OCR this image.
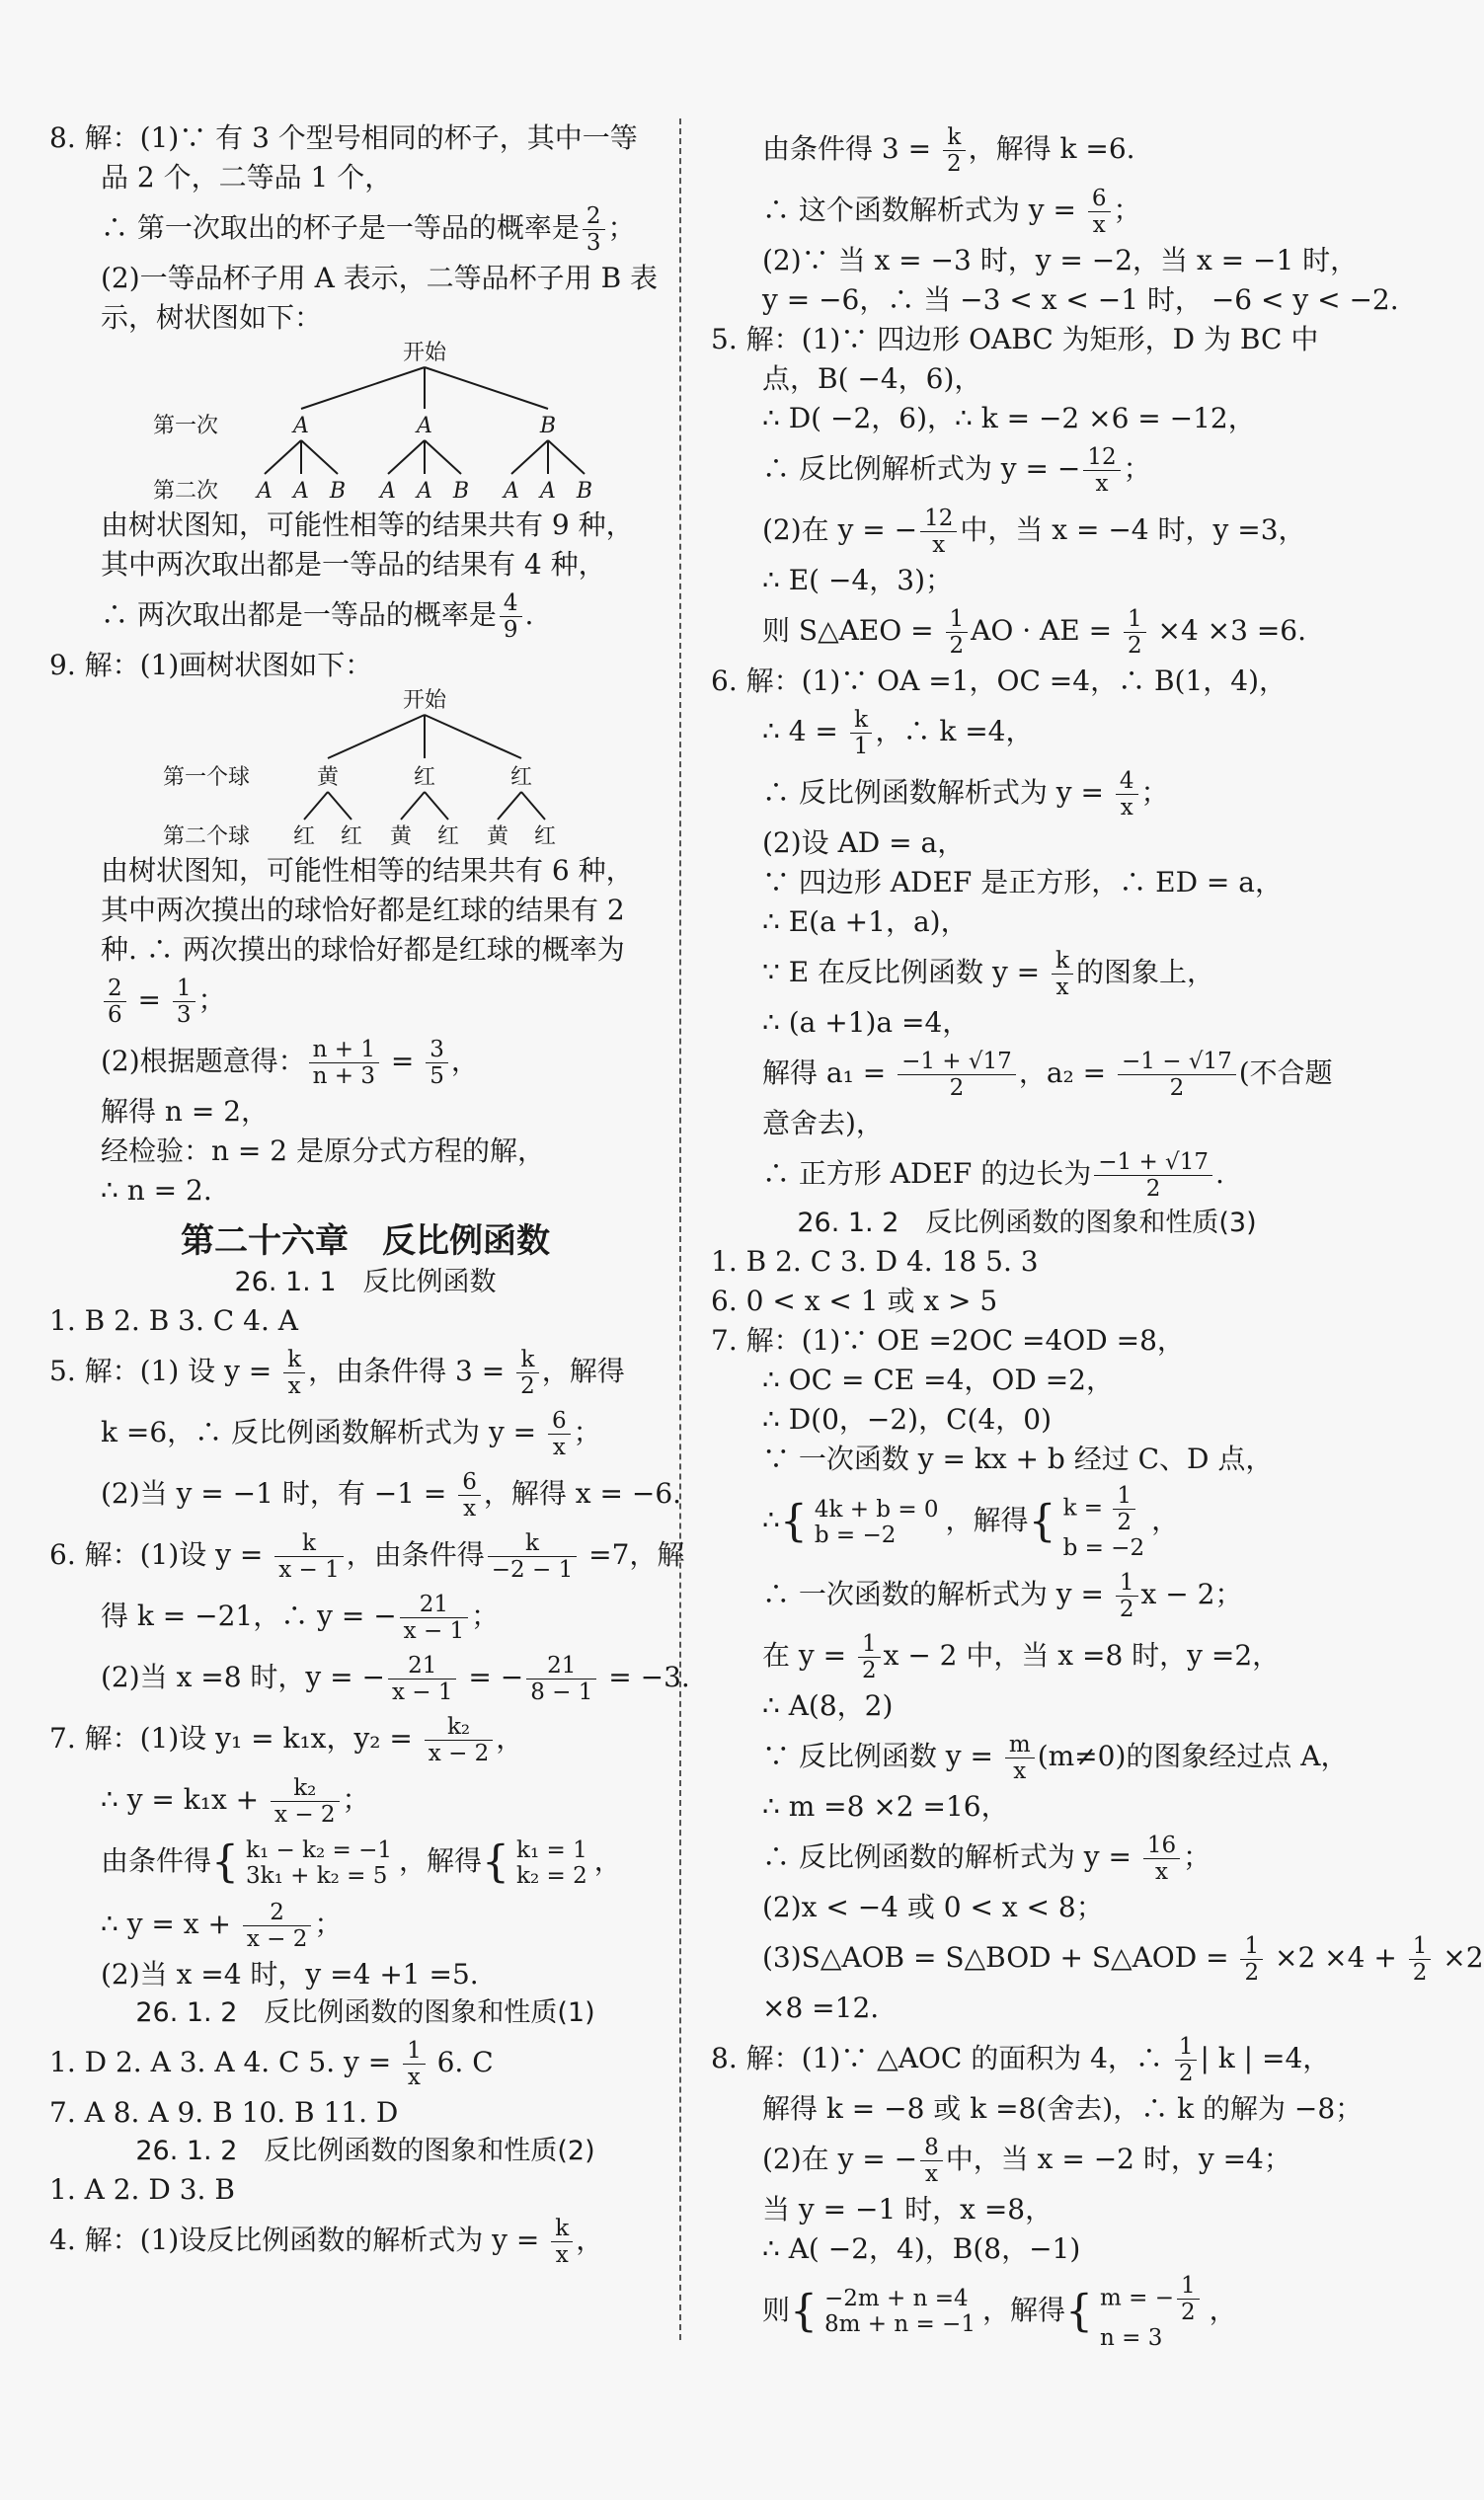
8. 解：(1)∵ 有 3 个型号相同的杯子，其中一等
品 2 个，二等品 1 个，
∴ 第一次取出的杯子是一等品的概率是 $\frac{2}{3}$ ；
(2)一等品杯子用 A 表示，二等品杯子用 B 表
示，树状图如下：
开始
第一次	A	A	B
第二次 A A B A A B A A B
由树状图知，可能性相等的结果共有 9 种，
其中两次取出都是一等品的结果有 4 种，
∴ 两次取出都是一等品的概率是 $\frac{4}{9}$ .
9. 解：(1)画树状图如下：
开始
第一个球	黄	红	红
第二个球 红 红 黄 红 黄 红
由树状图知，可能性相等的结果共有 6 种，
其中两次摸出的球恰好都是红球的结果有 2
种. ∴ 两次摸出的球恰好都是红球的概率为
$\frac{2}{6} = \frac{1}{3}$ ；
(2)根据题意得： $\frac{n + 1}{n + 3} = \frac{3}{5}$ ，
解得 n = 2，
经检验：n = 2 是原分式方程的解，
∴ n = 2.
第二十六章　反比例函数
26. 1. 1　反比例函数
1. B 2. B 3. C 4. A
5. 解：(1) 设 $y = \frac{k}{x}$ ，由条件得 $3 = \frac{k}{2}$ ，解得
k =6，∴ 反比例函数解析式为 $y = \frac{6}{x}$ ；
(2)当 y = −1 时，有 $-1 = \frac{6}{x}$ ，解得 x = −6.
6. 解：(1)设 $y = \frac{k}{x - 1}$ ，由条件得 $\frac{k}{-2 - 1} =7$，解
得 k = −21，∴ y = − $\frac{21}{x - 1}$ ；
(2)当 x =8 时，y = − $\frac{21}{x - 1}$ = − $\frac{21}{8 - 1} = -3$.
7. 解：(1)设 y₁ = k₁x，$y_2 = \frac{\text{k₂}}{x - 2}$ ，
∴ $y = k_1x + \frac{\text{k₂}}{x - 2}$ ；
由条件得{ k₁ − k₂ = −1
3k₁ + k₂ = 5 ，解得{ k₁ = 1
k₂ = 2 ，
∴ $y = x + \frac{2}{x - 2}$ ；
(2)当 x =4 时，y =4 +1 =5.
26. 1. 2　反比例函数的图象和性质(1)
1. D 2. A 3. A 4. C 5. $y = \frac{1}{x} 6$. C
7. A 8. A 9. B 10. B 11. D
26. 1. 2　反比例函数的图象和性质(2)
1. A 2. D 3. B
4. 解：(1)设反比例函数的解析式为 $y = \frac{k}{x}$ ，
由条件得 $3 = \frac{k}{2}$ ，解得 k =6.
∴ 这个函数解析式为 $y = \frac{6}{x}$ ；
(2)∵ 当 x = −3 时，y = −2，当 x = −1 时，
y = −6，∴ 当 −3 < x < −1 时， −6 < y < −2.
5. 解：(1)∵ 四边形 OABC 为矩形，D 为 BC 中
点，B( −4，6)，
∴ D( −2，6)，∴ k = −2 ×6 = −12，
∴ 反比例解析式为 y = − $\frac{12}{x}$ ；
(2)在 y = − $\frac{12}{x}$ 中，当 x = −4 时，y =3，
∴ E( −4，3)；
则 S△AEO = $\frac{1}{2}$ AO · AE = $\frac{1}{2} \times 4 \times 3 =6$.
6. 解：(1)∵ OA =1，OC =4，∴ B(1，4)，
∴ $4 = \frac{k}{1}$ ，∴ k =4，
∴ 反比例函数解析式为 $y = \frac{4}{x}$ ；
(2)设 AD = a，
∵ 四边形 ADEF 是正方形，∴ ED = a，
∴ E(a +1，a)，
∵ E 在反比例函数 $y = \frac{k}{x}$ 的图象上，
∴ (a +1)a =4，
解得 $a_1 = \frac{-1 + √17}{2}$ ，$a_2 = \frac{-1 - √17}{2}$ (不合题
意舍去)，
∴ 正方形 ADEF 的边长为 $\frac{-1 + √17}{2}$ .
26. 1. 2　反比例函数的图象和性质(3)
1. B 2. C 3. D 4. 18 5. 3
6. 0 < x < 1 或 x > 5
7. 解：(1)∵ OE =2OC =4OD =8，
∴ OC = CE =4，OD =2，
∴ D(0，−2)，C(4，0)
∵ 一次函数 y = kx + b 经过 C、D 点，
∴{ 4k + b = 0
b = −2	，解得{ $k = \frac{1}{2}$
b = −2
，
∴ 一次函数的解析式为 $y = \frac{1}{2}$ x − 2；
在 $y = \frac{1}{2}$ x − 2 中，当 x =8 时，y =2，
∴ A(8，2)
∵ 反比例函数 $y = \frac{m}{x} (m\ne 0)$的图象经过点 A，
∴ m =8 ×2 =16，
∴ 反比例函数的解析式为 $y = \frac{16}{x}$ ；
(2)x < −4 或 0 < x < 8；
(3)S△AOB = S△BOD + S△AOD = $\frac{1}{2} \times 2 \times 4 + \frac{1}{2} \times 2$
×8 =12.
8. 解：(1)∵ △AOC 的面积为 4，∴ $\frac{1}{2}$ | k | =4，
解得 k = −8 或 k =8(舍去)，∴ k 的解为 −8；
(2)在 y = − $\frac{8}{x}$ 中，当 x = −2 时，y =4；
当 y = −1 时，x =8，
∴ A( −2，4)，B(8，−1)
则{ −2m + n =4
8m + n = −1 ，解得{ m = − $\frac{1}{2}$
n = 3
，
